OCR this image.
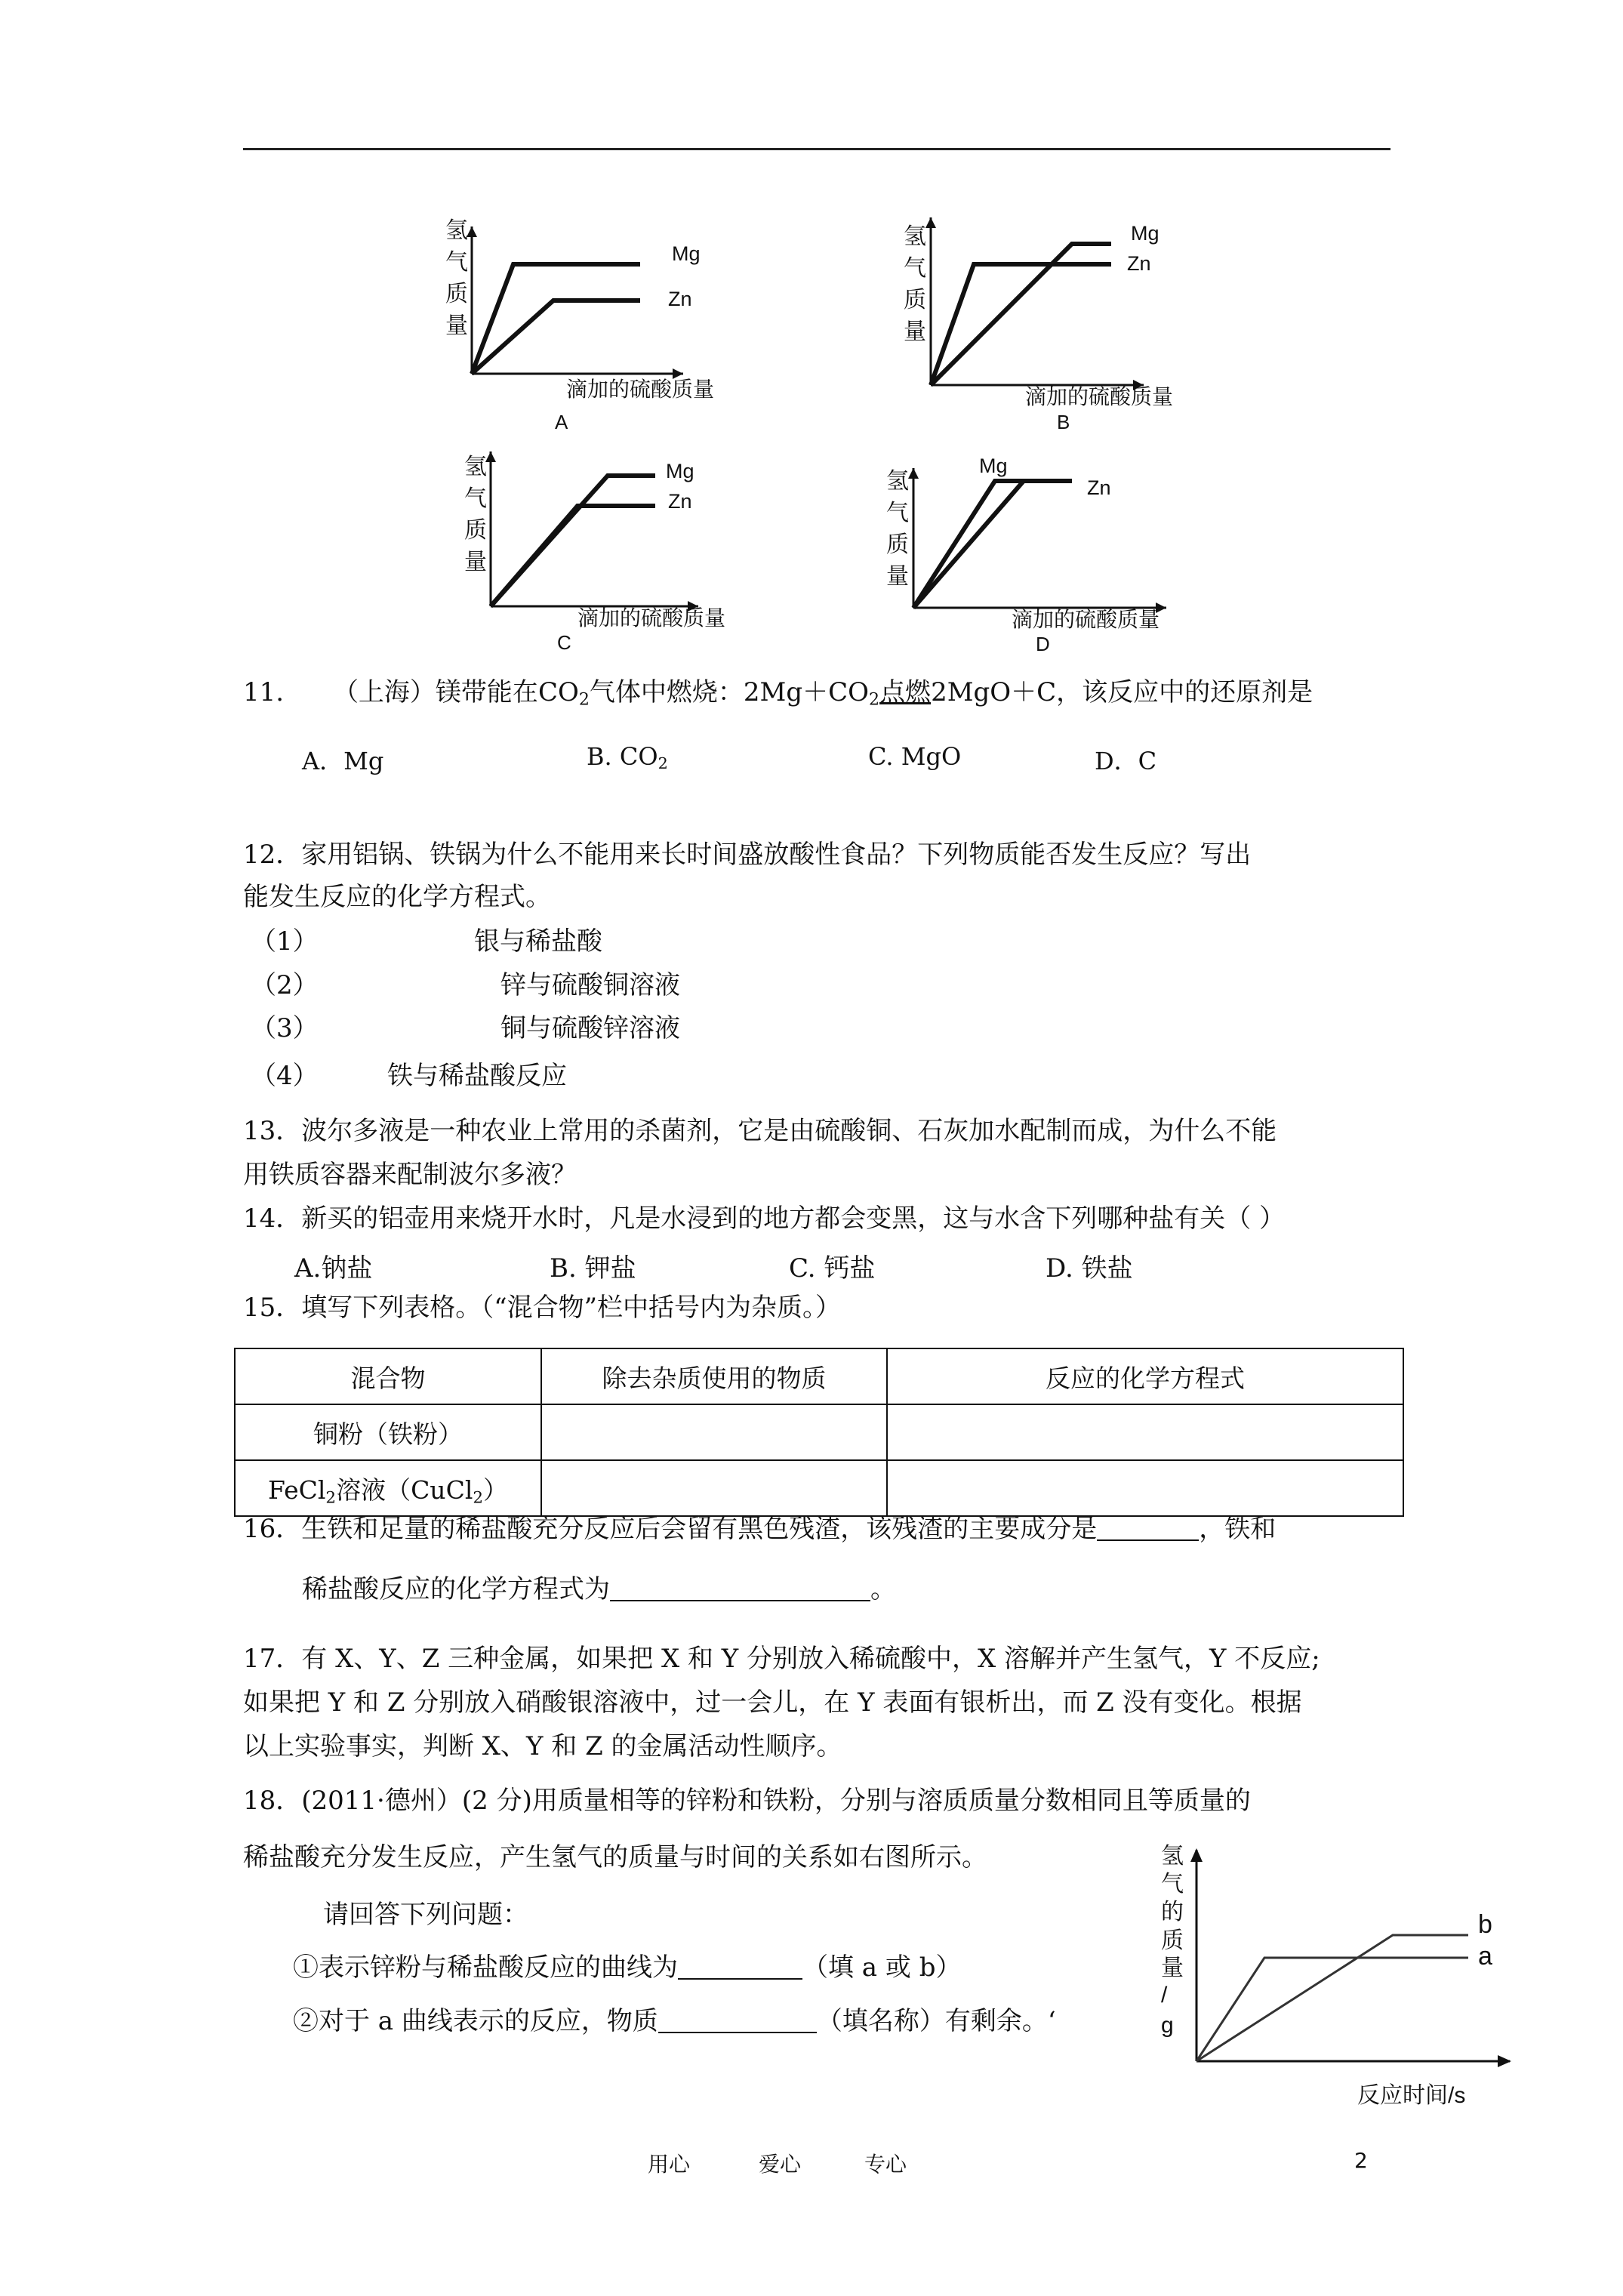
氢
气
质
量
滴加的硫酸质量
A
Mg
Zn
氢
气
质
量
滴加的硫酸质量
B
Mg
Zn
氢
气
质
量
滴加的硫酸质量
C
Mg
Zn
氢
气
质
量
滴加的硫酸质量
D
Mg
Zn
11. （上海）镁带能在$CO_2$气体中燃烧：$2Mg+CO_2$点燃2MgO＋C，该反应中的还原剂是
A．Mg	B. $CO_2$	C. MgO	D．C
12．家用铝锅、铁锅为什么不能用来长时间盛放酸性食品？下列物质能否发生反应？写出
能发生反应的化学方程式。
（1）	银与稀盐酸
（2）	锌与硫酸铜溶液
（3）	铜与硫酸锌溶液
（4）	铁与稀盐酸反应
13．波尔多液是一种农业上常用的杀菌剂，它是由硫酸铜、石灰加水配制而成，为什么不能
用铁质容器来配制波尔多液？
14．新买的铝壶用来烧开水时，凡是水浸到的地方都会变黑，这与水含下列哪种盐有关（ ）
A.钠盐	B. 钾盐	C. 钙盐	D. 铁盐
15．填写下列表格。（“混合物”栏中括号内为杂质。）
混合物	除去杂质使用的物质	反应的化学方程式
铜粉（铁粉）		
FeCl$_2$溶液（CuCl$_2$）		
16．生铁和足量的稀盐酸充分反应后会留有黑色残渣，该残渣的主要成分是	，铁和
稀盐酸反应的化学方程式为	。
17．有 X、Y、Z 三种金属，如果把 X 和 Y 分别放入稀硫酸中，X 溶解并产生氢气，Y 不反应;
如果把 Y 和 Z 分别放入硝酸银溶液中，过一会儿，在 Y 表面有银析出，而 Z 没有变化。根据
以上实验事实，判断 X、Y 和 Z 的金属活动性顺序。
18．(2011·德州）(2 分)用质量相等的锌粉和铁粉，分别与溶质质量分数相同且等质量的
稀盐酸充分发生反应，产生氢气的质量与时间的关系如右图所示。
请回答下列问题：
①表示锌粉与稀盐酸反应的曲线为	（填 a 或 b）
②对于 a 曲线表示的反应，物质	（填名称）有剩余。‘
氢
气
的
质
量
/
g
反应时间/s
b
a
用心	爱心	专心	2
